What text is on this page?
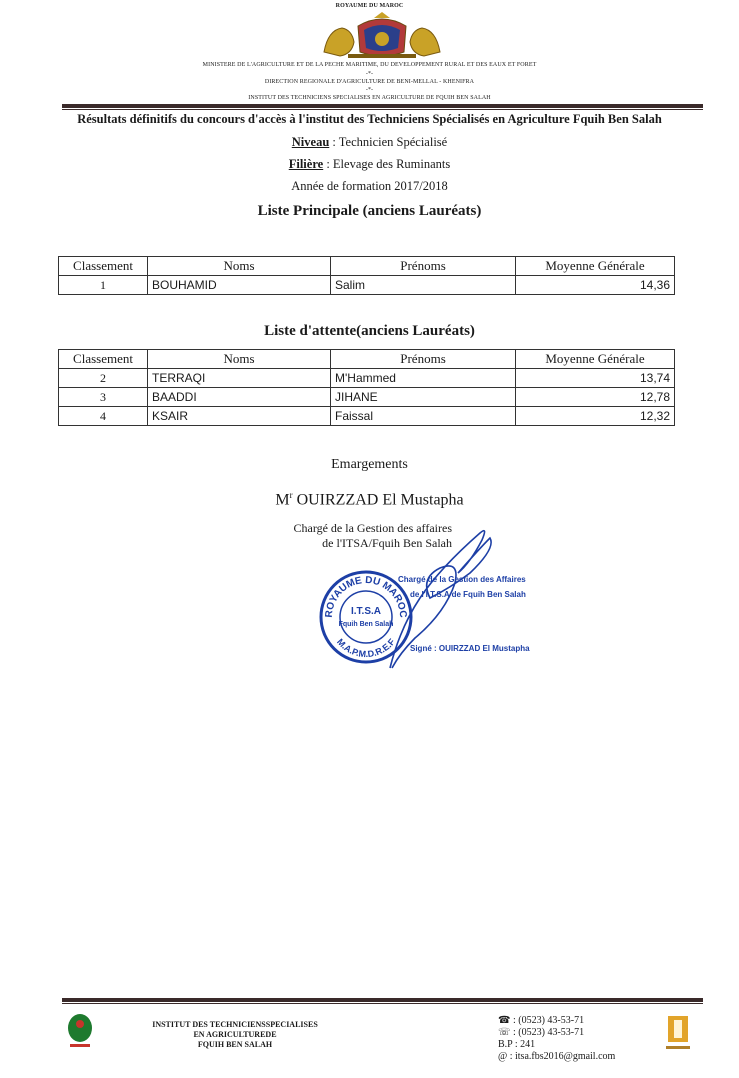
ROYAUME DU MAROC
MINISTERE DE L'AGRICULTURE ET DE LA PECHE MARITIME, DU DEVELOPPEMENT RURAL ET DES EAUX ET FORET
-*-
DIRECTION REGIONALE D'AGRICULTURE DE BENI-MELLAL - KHENIFRA
-*-
INSTITUT DES TECHNICIENS SPECIALISES EN AGRICULTURE DE FQUIH BEN SALAH
Résultats définitifs du concours d'accès à l'institut des Techniciens Spécialisés en Agriculture Fquih Ben Salah
Niveau : Technicien Spécialisé
Filière : Elevage des Ruminants
Année de formation 2017/2018
Liste Principale (anciens Lauréats)
Classement	Noms	Prénoms	Moyenne Générale
1	BOUHAMID	Salim	14,36
Liste d'attente(anciens Lauréats)
Classement	Noms	Prénoms	Moyenne Générale
2	TERRAQI	M'Hammed	13,74
3	BAADDI	JIHANE	12,78
4	KSAIR	Faissal	12,32
Emargements
$M^r$ OUIRZZAD El Mustapha
Chargé de la Gestion des affaires
de l'ITSA/Fquih Ben Salah
ROYAUME DU MAROC
M.A.P.M.D.R.E.F
I.T.S.A
Fquih Ben Salah
Chargé de la Gestion des Affaires
de l'I.T.S.A de Fquih Ben Salah
Signé : OUIRZZAD El Mustapha
INSTITUT DES TECHNICIENSSPECIALISES
EN AGRICULTUREDE
FQUIH BEN SALAH
☎ : (0523) 43-53-71
☏ : (0523) 43-53-71
B.P : 241
@ : itsa.fbs2016@gmail.com
